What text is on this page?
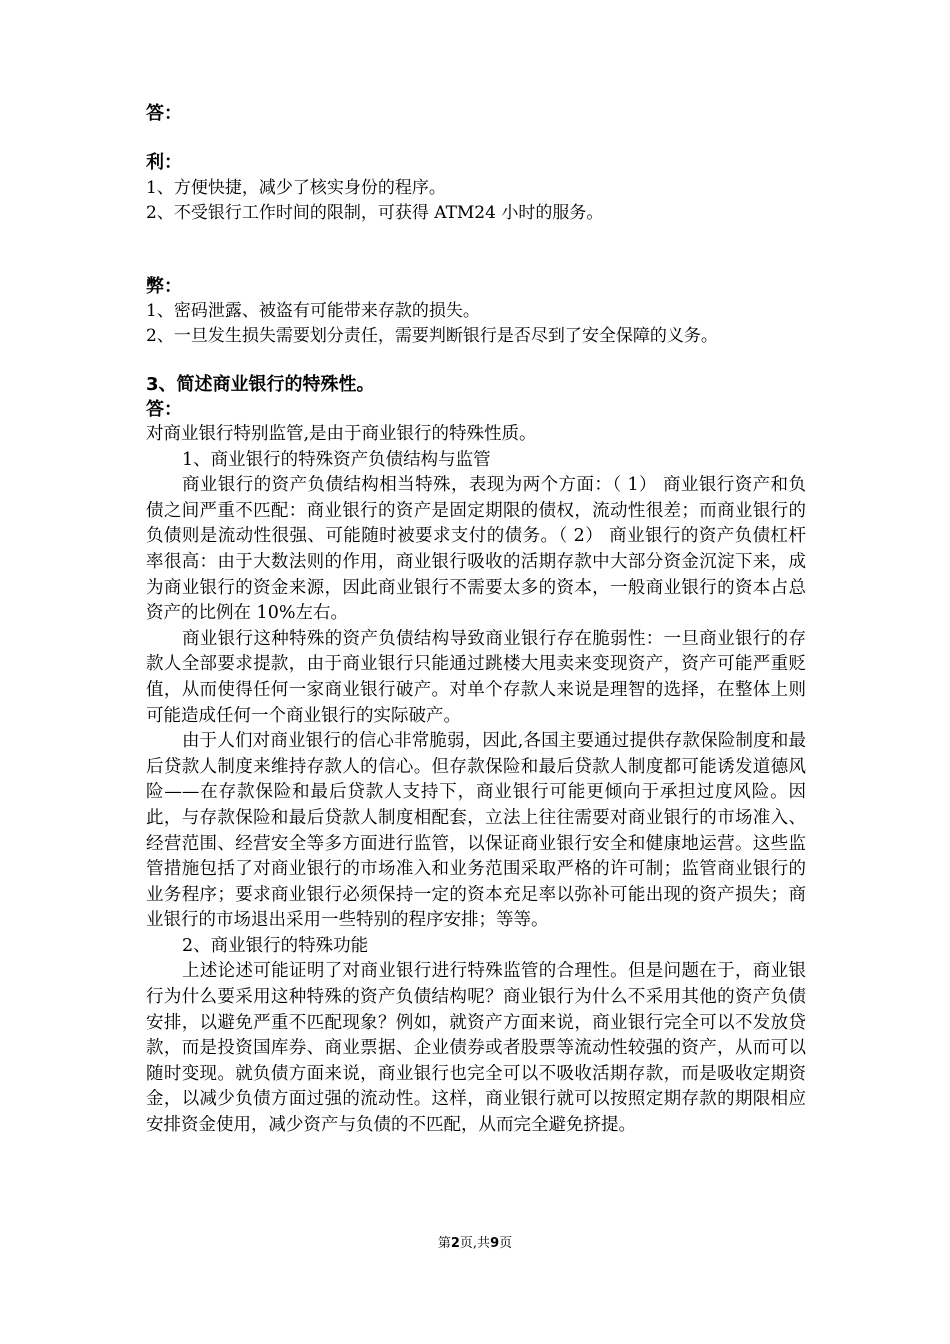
答：
利：
1、方便快捷，减少了核实身份的程序。
2、不受银行工作时间的限制，可获得 ATM24 小时的服务。
弊：
1、密码泄露、被盗有可能带来存款的损失。
2、一旦发生损失需要划分责任，需要判断银行是否尽到了安全保障的义务。
3、简述商业银行的特殊性。
答：

对商业银行特别监管,是由于商业银行的特殊性质。

1、商业银行的特殊资产负债结构与监管

商业银行的资产负债结构相当特殊，表现为两个方面：（ 1） 商业银行资产和负债之间严重不匹配：商业银行的资产是固定期限的债权，流动性很差；而商业银行的负债则是流动性很强、可能随时被要求支付的债务。（ 2） 商业银行的资产负债杠杆率很高：由于大数法则的作用，商业银行吸收的活期存款中大部分资金沉淀下来，成为商业银行的资金来源，因此商业银行不需要太多的资本，一般商业银行的资本占总资产的比例在 10%左右。

商业银行这种特殊的资产负债结构导致商业银行存在脆弱性：一旦商业银行的存款人全部要求提款，由于商业银行只能通过跳楼大甩卖来变现资产，资产可能严重贬值，从而使得任何一家商业银行破产。对单个存款人来说是理智的选择，在整体上则可能造成任何一个商业银行的实际破产。

由于人们对商业银行的信心非常脆弱，因此,各国主要通过提供存款保险制度和最后贷款人制度来维持存款人的信心。但存款保险和最后贷款人制度都可能诱发道德风险——在存款保险和最后贷款人支持下，商业银行可能更倾向于承担过度风险。因此，与存款保险和最后贷款人制度相配套，立法上往往需要对商业银行的市场准入、经营范围、经营安全等多方面进行监管，以保证商业银行安全和健康地运营。这些监管措施包括了对商业银行的市场准入和业务范围采取严格的许可制；监管商业银行的业务程序；要求商业银行必须保持一定的资本充足率以弥补可能出现的资产损失；商业银行的市场退出采用一些特别的程序安排；等等。

2、商业银行的特殊功能

上述论述可能证明了对商业银行进行特殊监管的合理性。但是问题在于，商业银行为什么要采用这种特殊的资产负债结构呢？商业银行为什么不采用其他的资产负债安排，以避免严重不匹配现象？例如，就资产方面来说，商业银行完全可以不发放贷款，而是投资国库券、商业票据、企业债券或者股票等流动性较强的资产，从而可以随时变现。就负债方面来说，商业银行也完全可以不吸收活期存款，而是吸收定期资金，以减少负债方面过强的流动性。这样，商业银行就可以按照定期存款的期限相应安排资金使用，减少资产与负债的不匹配，从而完全避免挤提。

第2页,共9页
